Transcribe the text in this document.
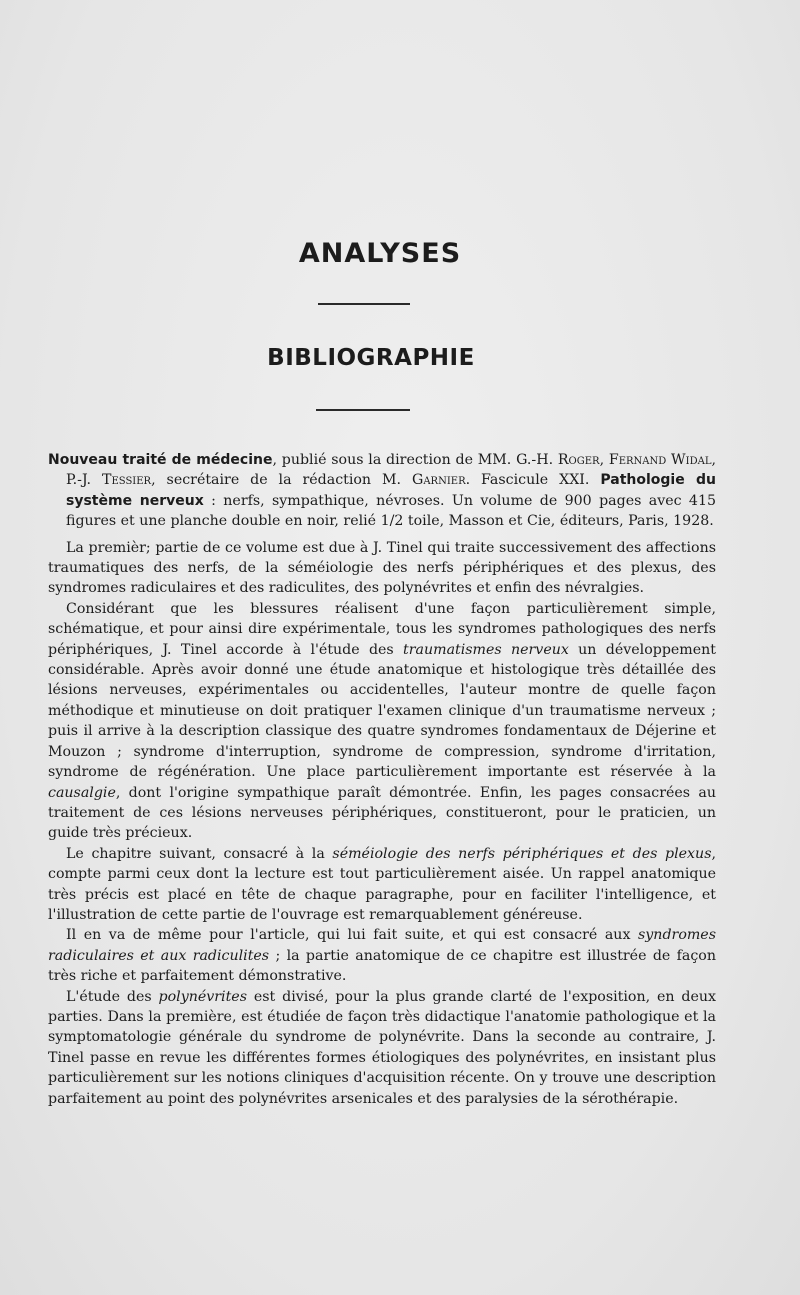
ANALYSES
BIBLIOGRAPHIE
Nouveau traité de médecine, publié sous la direction de MM. G.-H. Roger, Fernand Widal, P.-J. Tessier, secrétaire de la rédaction M. Garnier. Fascicule XXI. Pathologie du système nerveux : nerfs, sympathique, névroses. Un volume de 900 pages avec 415 figures et une planche double en noir, relié 1/2 toile, Masson et Cie, éditeurs, Paris, 1928.

La premièr; partie de ce volume est due à J. Tinel qui traite successivement des affections traumatiques des nerfs, de la séméiologie des nerfs périphériques et des plexus, des syndromes radiculaires et des radiculites, des polynévrites et enfin des névralgies.

Considérant que les blessures réalisent d'une façon particulièrement simple, schématique, et pour ainsi dire expérimentale, tous les syndromes pathologiques des nerfs périphériques, J. Tinel accorde à l'étude des traumatismes nerveux un développement considérable. Après avoir donné une étude anatomique et histologique très détaillée des lésions nerveuses, expérimentales ou accidentelles, l'auteur montre de quelle façon méthodique et minutieuse on doit pratiquer l'examen clinique d'un traumatisme nerveux ; puis il arrive à la description classique des quatre syndromes fondamentaux de Déjerine et Mouzon ; syndrome d'interruption, syndrome de compression, syndrome d'irritation, syndrome de régénération. Une place particulièrement importante est réservée à la causalgie, dont l'origine sympathique paraît démontrée. Enfin, les pages consacrées au traitement de ces lésions nerveuses périphériques, constitueront, pour le praticien, un guide très précieux.

Le chapitre suivant, consacré à la séméiologie des nerfs périphériques et des plexus, compte parmi ceux dont la lecture est tout particulièrement aisée. Un rappel anatomique très précis est placé en tête de chaque paragraphe, pour en faciliter l'intelligence, et l'illustration de cette partie de l'ouvrage est remarquablement généreuse.

Il en va de même pour l'article, qui lui fait suite, et qui est consacré aux syndromes radiculaires et aux radiculites ; la partie anatomique de ce chapitre est illustrée de façon très riche et parfaitement démonstrative.

L'étude des polynévrites est divisé, pour la plus grande clarté de l'exposition, en deux parties. Dans la première, est étudiée de façon très didactique l'anatomie pathologique et la symptomatologie générale du syndrome de polynévrite. Dans la seconde au contraire, J. Tinel passe en revue les différentes formes étiologiques des polynévrites, en insistant plus particulièrement sur les notions cliniques d'acquisition récente. On y trouve une description parfaitement au point des polynévrites arsenicales et des paralysies de la sérothérapie.
